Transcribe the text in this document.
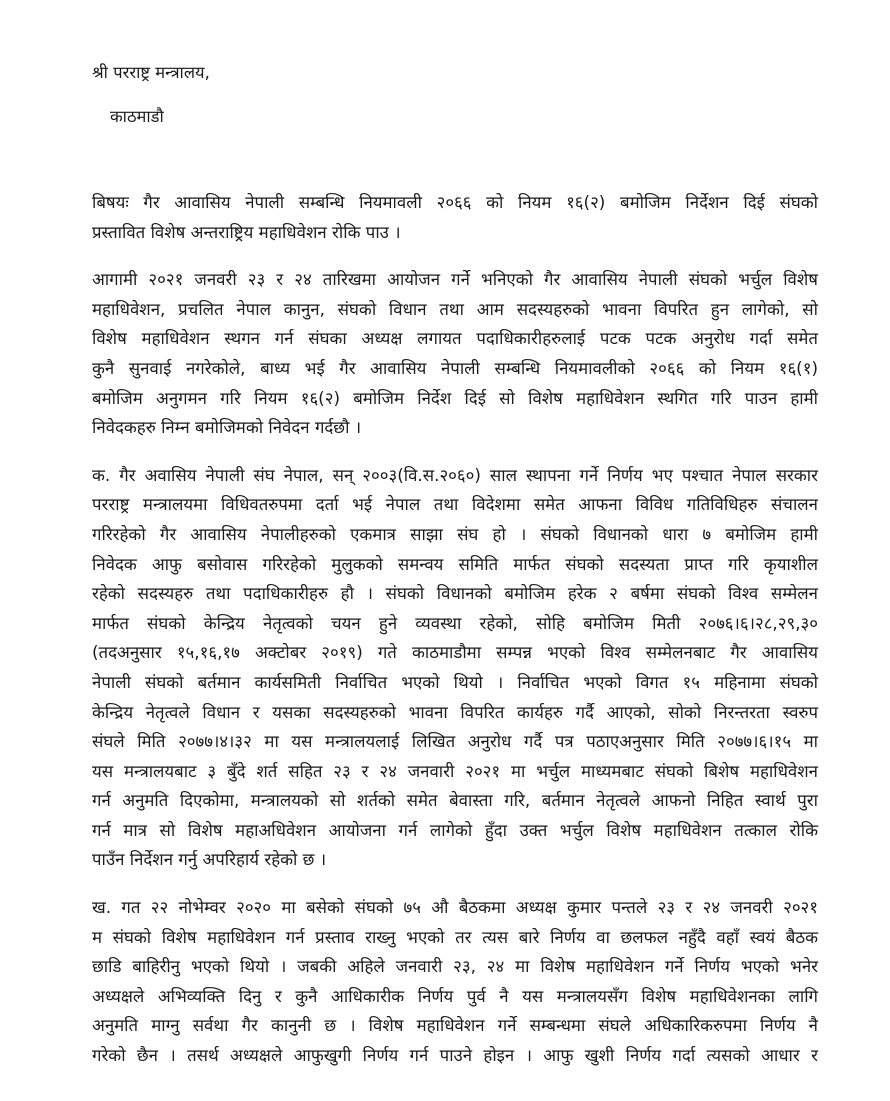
श्री परराष्ट्र मन्त्रालय,

काठमाडौ

बिषयः गैर आवासिय नेपाली सम्बन्धि नियमावली २०६६ को नियम १६(२) बमोजिम निर्देशन दिई संघको
प्रस्तावित विशेष अन्तराष्ट्रिय महाधिवेशन रोकि पाउ ।
आगामी २०२१ जनवरी २३ र २४ तारिखमा आयोजन गर्ने भनिएको गैर आवासिय नेपाली संघको भर्चुल विशेष
महाधिवेशन, प्रचलित नेपाल कानुन, संघको विधान तथा आम सदस्यहरुको भावना विपरित हुन लागेको, सो
विशेष महाधिवेशन स्थगन गर्न संघका अध्यक्ष लगायत पदाधिकारीहरुलाई पटक पटक अनुरोध गर्दा समेत
कुनै सुनवाई नगरेकोले, बाध्य भई गैर आवासिय नेपाली सम्बन्धि नियमावलीको २०६६ को नियम १६(१)
बमोजिम अनुगमन गरि नियम १६(२) बमोजिम निर्देश दिई सो विशेष महाधिवेशन स्थगित गरि पाउन हामी
निवेदकहरु निम्न बमोजिमको निवेदन गर्दछौ ।
क. गैर अवासिय नेपाली संघ नेपाल, सन् २००३(वि.स.२०६०) साल स्थापना गर्ने निर्णय भए पश्चात नेपाल सरकार
परराष्ट्र मन्त्रालयमा विधिवतरुपमा दर्ता भई नेपाल तथा विदेशमा समेत आफना विविध गतिविधिहरु संचालन
गरिरहेको गैर आवासिय नेपालीहरुको एकमात्र साझा संघ हो । संघको विधानको धारा ७ बमोजिम हामी
निवेदक आफु बसोवास गरिरहेको मुलुकको समन्वय समिति मार्फत संघको सदस्यता प्राप्त गरि कृयाशील
रहेको सदस्यहरु तथा पदाधिकारीहरु हौ । संघको विधानको बमोजिम हरेक २ बर्षमा संघको विश्व सम्मेलन
मार्फत संघको केन्द्रिय नेतृत्वको चयन हुने व्यवस्था रहेको, सोहि बमोजिम मिती २०७६।६।२८,२९,३०
(तदअनुसार १५,१६,१७ अक्टोबर २०१९) गते काठमाडौमा सम्पन्न भएको विश्व सम्मेलनबाट गैर आवासिय
नेपाली संघको बर्तमान कार्यसमिती निर्वाचित भएको थियो । निर्वाचित भएको विगत १५ महिनामा संघको
केन्द्रिय नेतृत्वले विधान र यसका सदस्यहरुको भावना विपरित कार्यहरु गर्दै आएको, सोको निरन्तरता स्वरुप
संघले मिति २०७७।४।३२ मा यस मन्त्रालयलाई लिखित अनुरोध गर्दै पत्र पठाएअनुसार मिति २०७७।६।१५ मा
यस मन्त्रालयबाट ३ बुँदे शर्त सहित २३ र २४ जनवारी २०२१ मा भर्चुल माध्यमबाट संघको बिशेष महाधिवेशन
गर्न अनुमति दिएकोमा, मन्त्रालयको सो शर्तको समेत बेवास्ता गरि, बर्तमान नेतृत्वले आफनो निहित स्वार्थ पुरा
गर्न मात्र सो विशेष महाअधिवेशन आयोजना गर्न लागेको हुँदा उक्त भर्चुल विशेष महाधिवेशन तत्काल रोकि
पाउँन निर्देशन गर्नु अपरिहार्य रहेको छ ।
ख. गत २२ नोभेम्वर २०२० मा बसेको संघको ७५ औ बैठकमा अध्यक्ष कुमार पन्तले २३ र २४ जनवरी २०२१
म संघको विशेष महाधिवेशन गर्न प्रस्ताव राख्नु भएको तर त्यस बारे निर्णय वा छलफल नहुँदै वहाँ स्वयं बैठक
छाडि बाहिरीनु भएको थियो । जबकी अहिले जनवारी २३, २४ मा विशेष महाधिवेशन गर्ने निर्णय भएको भनेर
अध्यक्षले अभिव्यक्ति दिनु र कुनै आधिकारीक निर्णय पुर्व नै यस मन्त्रालयसँग विशेष महाधिवेशनका लागि
अनुमति माग्नु सर्वथा गैर कानुनी छ । विशेष महाधिवेशन गर्ने सम्बन्धमा संघले अधिकारिकरुपमा निर्णय नै
गरेको छैन । तसर्थ अध्यक्षले आफुखुगी निर्णय गर्न पाउने होइन । आफु खुशी निर्णय गर्दा त्यसको आधार र
